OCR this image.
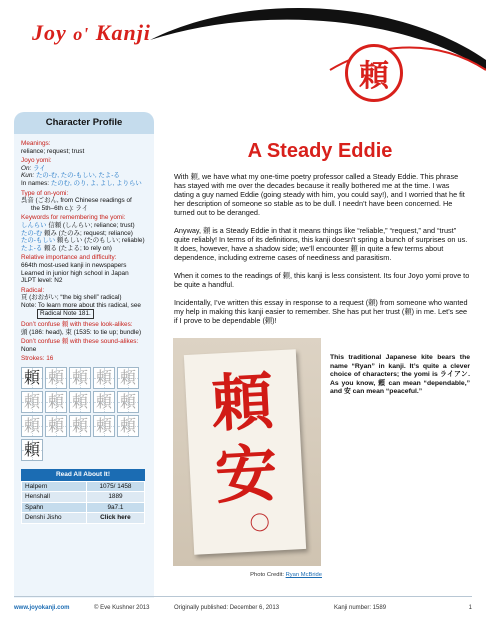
Joy o' Kanji
頼
Character Profile
Meanings:

reliance; request; trust

Joyo yomi:

On: ライ

Kun: たの-む, たの-もしい, たよ-る

In names: たのむ, のり, よ, よし, よりらい

Type of on-yomi:

呉音 (ごおん, from Chinese readings of

the 5th–6th c.): ライ

Keywords for remembering the yomi:

しんらい 信頼 (しんらい; reliance; trust)

たの-む 頼み (たのみ; request; reliance)

たの-もしい 頼もしい (たのもしい; reliable)

たよ-る 頼る (たよる; to rely on)

Relative importance and difficulty:

664th most-used kanji in newspapers

Learned in junior high school in Japan

JLPT level: N2

Radical:

頁 (おおがい; “the big shell” radical)

Note: To learn more about this radical, see

Radical Note 181.

Don’t confuse 頼 with these look-alikes:

頭 (186: head), 束 (1535: to tie up; bundle)

Don’t confuse 頼 with these sound-alikes:

None

Strokes: 16
頼 頼 頼 頼 頼
頼 頼 頼 頼 頼
頼 頼 頼 頼 頼
頼
Read All About It!
Halpern	1075/ 1458
Henshall	1889
Spahn	9a7.1
Denshi Jisho	Click here
A Steady Eddie

With 頼, we have what my one-time poetry professor called a Steady Eddie. This phrase has stayed with me over the decades because it really bothered me at the time. I was dating a guy named Eddie (going steady with him, you could say!), and I worried that he fit her description of someone so stable as to be dull. I needn’t have been concerned. He turned out to be deranged.

Anyway, 頼 is a Steady Eddie in that it means things like “reliable,” “request,” and “trust” quite reliably! In terms of its definitions, this kanji doesn’t spring a bunch of surprises on us. It does, however, have a shadow side; we’ll encounter 頼 in quite a few terms about dependence, including extreme cases of neediness and parasitism.

When it comes to the readings of 頼, this kanji is less consistent. Its four Joyo yomi prove to be quite a handful.

Incidentally, I’ve written this essay in response to a request (頼) from someone who wanted my help in making this kanji easier to remember. She has put her trust (頼) in me. Let’s see if I prove to be dependable (頼)!

頼
安
Photo Credit: Ryan McBride
This traditional Japanese kite bears the name “Ryan” in kanji. It’s quite a clever choice of characters; the yomi is ライアン. As you know, 頼 can mean “dependable,” and 安 can mean “peaceful.”
www.joyokanji.com	© Eve Kushner 2013	Originally published: December 6, 2013	Kanji number: 1589	1
